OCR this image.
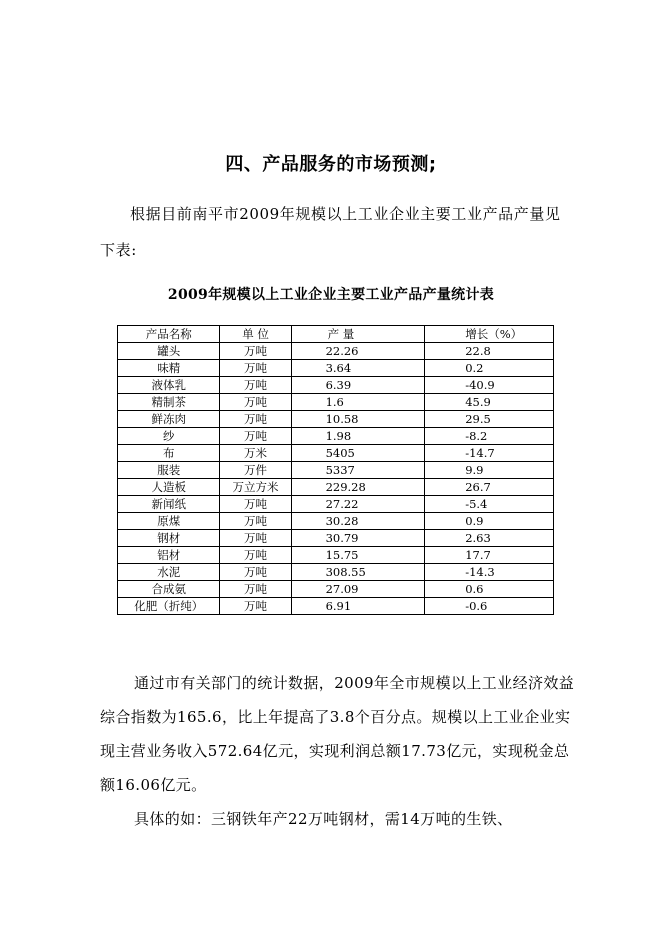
四、产品服务的市场预测;
根据目前南平市2009年规模以上工业企业主要工业产品产量见下表:
2009年规模以上工业企业主要工业产品产量统计表
产品名称	单 位	产 量	增长（%）
罐头	万吨	22.26	22.8
味精	万吨	3.64	0.2
液体乳	万吨	6.39	-40.9
精制茶	万吨	1.6	45.9
鲜冻肉	万吨	10.58	29.5
纱	万吨	1.98	-8.2
布	万米	5405	-14.7
服装	万件	5337	9.9
人造板	万立方米	229.28	26.7
新闻纸	万吨	27.22	-5.4
原煤	万吨	30.28	0.9
钢材	万吨	30.79	2.63
铝材	万吨	15.75	17.7
水泥	万吨	308.55	-14.3
合成氨	万吨	27.09	0.6
化肥（折纯）	万吨	6.91	-0.6

通过市有关部门的统计数据，2009年全市规模以上工业经济效益综合指数为165.6，比上年提高了3.8个百分点。规模以上工业企业实现主营业务收入572.64亿元，实现利润总额17.73亿元，实现税金总额16.06亿元。

具体的如：三钢铁年产22万吨钢材，需14万吨的生铁、
